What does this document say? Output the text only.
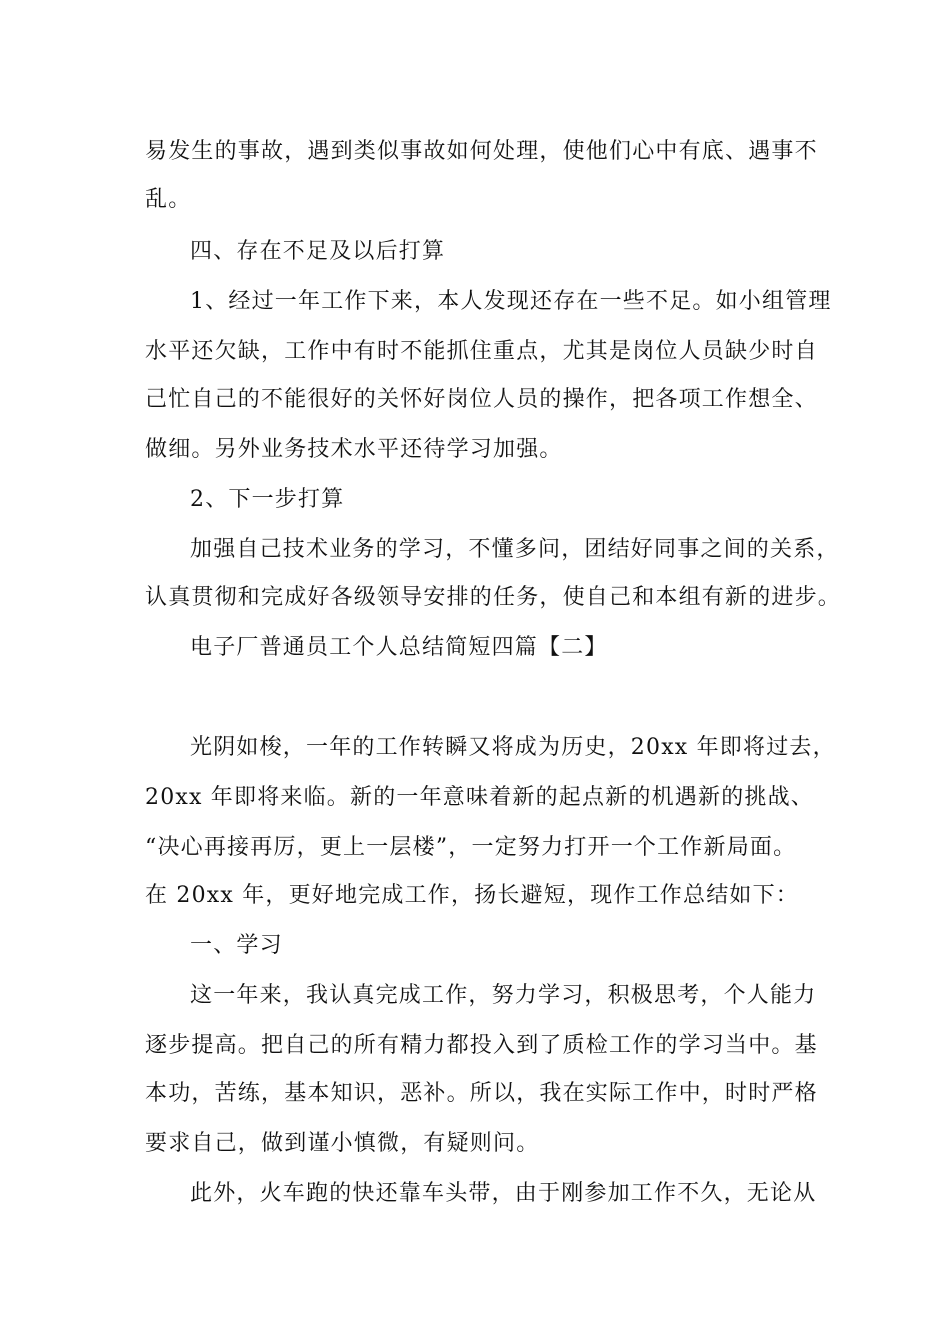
易发生的事故，遇到类似事故如何处理，使他们心中有底、遇事不
乱。
四、存在不足及以后打算
1、经过一年工作下来，本人发现还存在一些不足。如小组管理
水平还欠缺，工作中有时不能抓住重点，尤其是岗位人员缺少时自
己忙自己的不能很好的关怀好岗位人员的操作，把各项工作想全、
做细。另外业务技术水平还待学习加强。
2、下一步打算
加强自己技术业务的学习，不懂多问，团结好同事之间的关系，
认真贯彻和完成好各级领导安排的任务，使自己和本组有新的进步。
电子厂普通员工个人总结简短四篇【二】
光阴如梭，一年的工作转瞬又将成为历史，20xx 年即将过去，
20xx 年即将来临。新的一年意味着新的起点新的机遇新的挑战、
“决心再接再厉，更上一层楼”，一定努力打开一个工作新局面。
在 20xx 年，更好地完成工作，扬长避短，现作工作总结如下：
一、学习
这一年来，我认真完成工作，努力学习，积极思考，个人能力
逐步提高。把自己的所有精力都投入到了质检工作的学习当中。基
本功，苦练，基本知识，恶补。所以，我在实际工作中，时时严格
要求自己，做到谨小慎微，有疑则问。
此外，火车跑的快还靠车头带，由于刚参加工作不久，无论从
